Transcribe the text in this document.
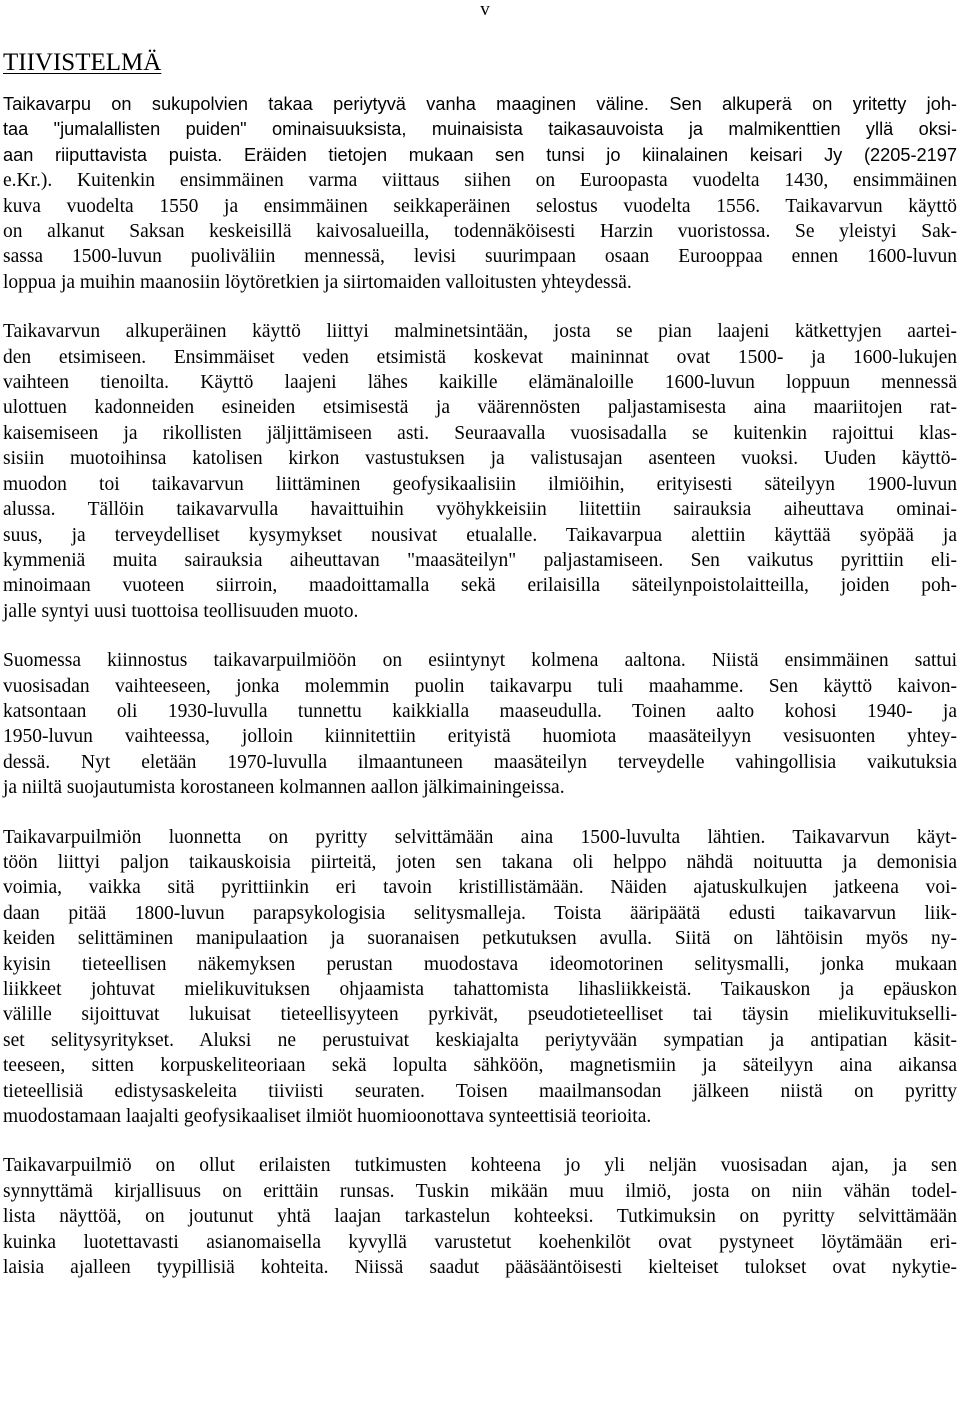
v
TIIVISTELMÄ

Taikavarpu on sukupolvien takaa periytyvä vanha maaginen väline. Sen alkuperä on yritetty joh-
taa "jumalallisten puiden" ominaisuuksista, muinaisista taikasauvoista ja malmikenttien yllä oksi-
aan riiputtavista puista. Eräiden tietojen mukaan sen tunsi jo kiinalainen keisari Jy (2205-2197
e.Kr.). Kuitenkin ensimmäinen varma viittaus siihen on Euroopasta vuodelta 1430, ensimmäinen
kuva vuodelta 1550 ja ensimmäinen seikkaperäinen selostus vuodelta 1556. Taikavarvun käyttö
on alkanut Saksan keskeisillä kaivosalueilla, todennäköisesti Harzin vuoristossa. Se yleistyi Sak-
sassa 1500-luvun puoliväliin mennessä, levisi suurimpaan osaan Eurooppaa ennen 1600-luvun
loppua ja muihin maanosiin löytöretkien ja siirtomaiden valloitusten yhteydessä.

Taikavarvun alkuperäinen käyttö liittyi malminetsintään, josta se pian laajeni kätkettyjen aartei-
den etsimiseen. Ensimmäiset veden etsimistä koskevat maininnat ovat 1500- ja 1600-lukujen
vaihteen tienoilta. Käyttö laajeni lähes kaikille elämänaloille 1600-luvun loppuun mennessä
ulottuen kadonneiden esineiden etsimisestä ja väärennösten paljastamisesta aina maariitojen rat-
kaisemiseen ja rikollisten jäljittämiseen asti. Seuraavalla vuosisadalla se kuitenkin rajoittui klas-
sisiin muotoihinsa katolisen kirkon vastustuksen ja valistusajan asenteen vuoksi. Uuden käyttö-
muodon toi taikavarvun liittäminen geofysikaalisiin ilmiöihin, erityisesti säteilyyn 1900-luvun
alussa. Tällöin taikavarvulla havaittuihin vyöhykkeisiin liitettiin sairauksia aiheuttava ominai-
suus, ja terveydelliset kysymykset nousivat etualalle. Taikavarpua alettiin käyttää syöpää ja
kymmeniä muita sairauksia aiheuttavan "maasäteilyn" paljastamiseen. Sen vaikutus pyrittiin eli-
minoimaan vuoteen siirroin, maadoittamalla sekä erilaisilla säteilynpoistolaitteilla, joiden poh-
jalle syntyi uusi tuottoisa teollisuuden muoto.

Suomessa kiinnostus taikavarpuilmiöön on esiintynyt kolmena aaltona. Niistä ensimmäinen sattui
vuosisadan vaihteeseen, jonka molemmin puolin taikavarpu tuli maahamme. Sen käyttö kaivon-
katsontaan oli 1930-luvulla tunnettu kaikkialla maaseudulla. Toinen aalto kohosi 1940- ja
1950-luvun vaihteessa, jolloin kiinnitettiin erityistä huomiota maasäteilyyn vesisuonten yhtey-
dessä. Nyt eletään 1970-luvulla ilmaantuneen maasäteilyn terveydelle vahingollisia vaikutuksia
ja niiltä suojautumista korostaneen kolmannen aallon jälkimainingeissa.

Taikavarpuilmiön luonnetta on pyritty selvittämään aina 1500-luvulta lähtien. Taikavarvun käyt-
töön liittyi paljon taikauskoisia piirteitä, joten sen takana oli helppo nähdä noituutta ja demonisia
voimia, vaikka sitä pyrittiinkin eri tavoin kristillistämään. Näiden ajatuskulkujen jatkeena voi-
daan pitää 1800-luvun parapsykologisia selitysmalleja. Toista ääripäätä edusti taikavarvun liik-
keiden selittäminen manipulaation ja suoranaisen petkutuksen avulla. Siitä on lähtöisin myös ny-
kyisin tieteellisen näkemyksen perustan muodostava ideomotorinen selitysmalli, jonka mukaan
liikkeet johtuvat mielikuvituksen ohjaamista tahattomista lihasliikkeistä. Taikauskon ja epäuskon
välille sijoittuvat lukuisat tieteellisyyteen pyrkivät, pseudotieteelliset tai täysin mielikuvitukselli-
set selitysyritykset. Aluksi ne perustuivat keskiajalta periytyvään sympatian ja antipatian käsit-
teeseen, sitten korpuskeliteoriaan sekä lopulta sähköön, magnetismiin ja säteilyyn aina aikansa
tieteellisiä edistysaskeleita tiiviisti seuraten. Toisen maailmansodan jälkeen niistä on pyritty
muodostamaan laajalti geofysikaaliset ilmiöt huomioonottava synteettisiä teorioita.

Taikavarpuilmiö on ollut erilaisten tutkimusten kohteena jo yli neljän vuosisadan ajan, ja sen
synnyttämä kirjallisuus on erittäin runsas. Tuskin mikään muu ilmiö, josta on niin vähän todel-
lista näyttöä, on joutunut yhtä laajan tarkastelun kohteeksi. Tutkimuksin on pyritty selvittämään
kuinka luotettavasti asianomaisella kyvyllä varustetut koehenkilöt ovat pystyneet löytämään eri-
laisia ajalleen tyypillisiä kohteita. Niissä saadut pääsääntöisesti kielteiset tulokset ovat nykytie-
